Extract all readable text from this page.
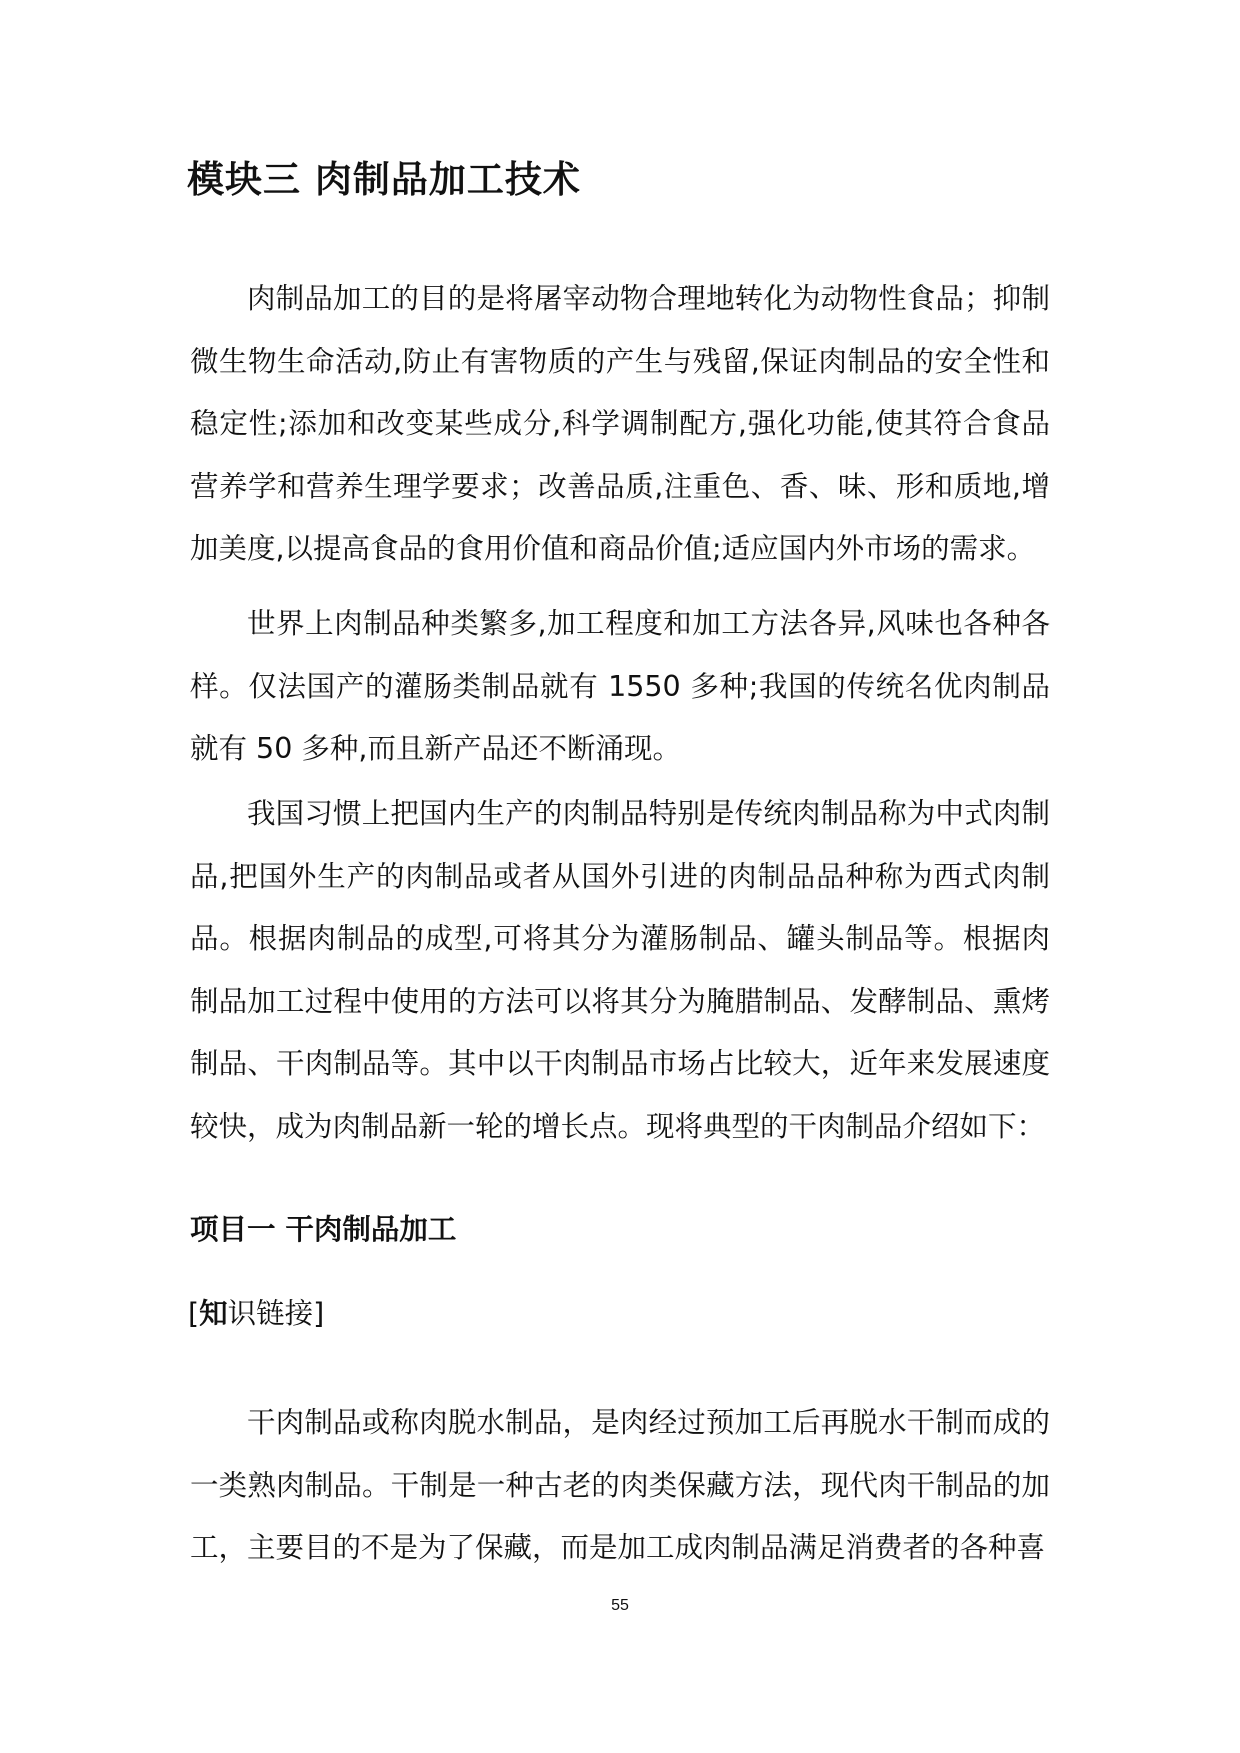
模块三 肉制品加工技术

肉制品加工的目的是将屠宰动物合理地转化为动物性食品；抑制微生物生命活动,防止有害物质的产生与残留,保证肉制品的安全性和稳定性;添加和改变某些成分,科学调制配方,强化功能,使其符合食品营养学和营养生理学要求；改善品质,注重色、香、味、形和质地,增加美度,以提高食品的食用价值和商品价值;适应国内外市场的需求。

世界上肉制品种类繁多,加工程度和加工方法各异,风味也各种各样。仅法国产的灌肠类制品就有 1550 多种;我国的传统名优肉制品就有 50 多种,而且新产品还不断涌现。

我国习惯上把国内生产的肉制品特别是传统肉制品称为中式肉制品,把国外生产的肉制品或者从国外引进的肉制品品种称为西式肉制品。根据肉制品的成型,可将其分为灌肠制品、罐头制品等。根据肉制品加工过程中使用的方法可以将其分为腌腊制品、发酵制品、熏烤制品、干肉制品等。其中以干肉制品市场占比较大，近年来发展速度较快，成为肉制品新一轮的增长点。现将典型的干肉制品介绍如下：

项目一 干肉制品加工
[知识链接]

干肉制品或称肉脱水制品，是肉经过预加工后再脱水干制而成的一类熟肉制品。干制是一种古老的肉类保藏方法，现代肉干制品的加工，主要目的不是为了保藏，而是加工成肉制品满足消费者的各种喜

55
